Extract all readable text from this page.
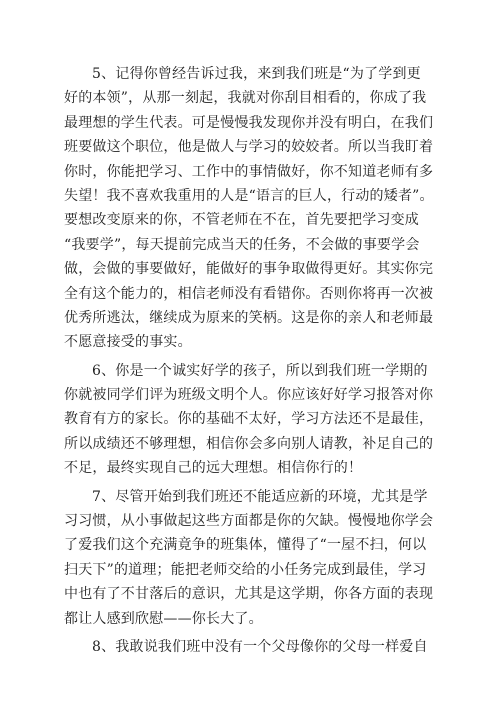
5、记得你曾经告诉过我，来到我们班是“为了学到更
好的本领”，从那一刻起，我就对你刮目相看的，你成了我
最理想的学生代表。可是慢慢我发现你并没有明白，在我们
班要做这个职位，他是做人与学习的姣姣者。所以当我盯着
你时，你能把学习、工作中的事情做好，你不知道老师有多
失望！我不喜欢我重用的人是“语言的巨人，行动的矮者”。
要想改变原来的你，不管老师在不在，首先要把学习变成
“我要学”，每天提前完成当天的任务，不会做的事要学会
做，会做的事要做好，能做好的事争取做得更好。其实你完
全有这个能力的，相信老师没有看错你。否则你将再一次被
优秀所逃汰，继续成为原来的笑柄。这是你的亲人和老师最
不愿意接受的事实。
6、你是一个诚实好学的孩子，所以到我们班一学期的
你就被同学们评为班级文明个人。你应该好好学习报答对你
教育有方的家长。你的基础不太好，学习方法还不是最佳，
所以成绩还不够理想，相信你会多向别人请教，补足自己的
不足，最终实现自己的远大理想。相信你行的！
7、尽管开始到我们班还不能适应新的环境，尤其是学
习习惯，从小事做起这些方面都是你的欠缺。慢慢地你学会
了爱我们这个充满竟争的班集体，懂得了“一屋不扫，何以
扫天下”的道理；能把老师交给的小任务完成到最佳，学习
中也有了不甘落后的意识，尤其是这学期，你各方面的表现
都让人感到欣慰——你长大了。
8、我敢说我们班中没有一个父母像你的父母一样爱自
